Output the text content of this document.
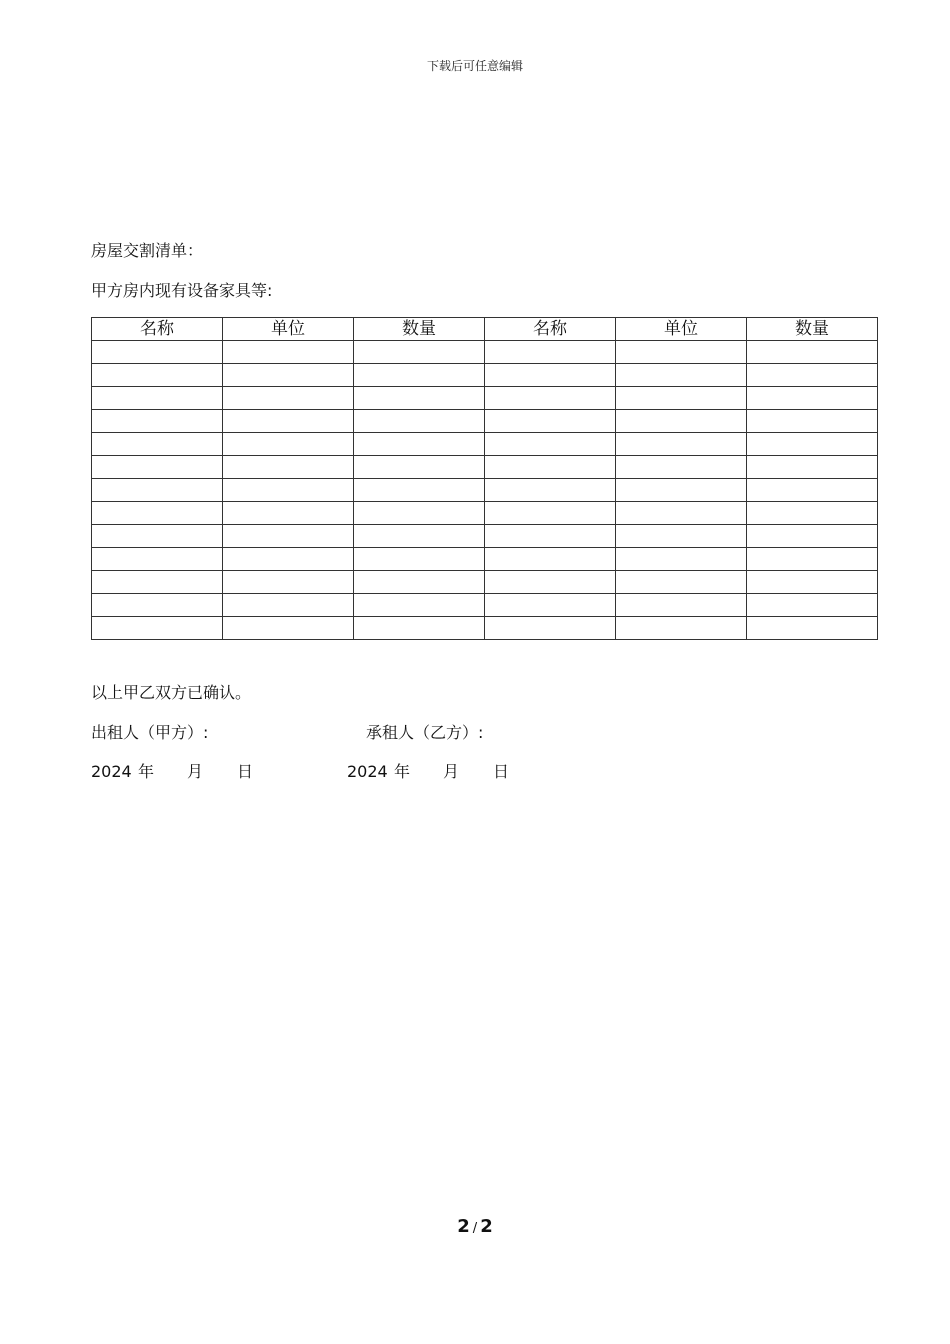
下载后可任意编辑
房屋交割清单：
甲方房内现有设备家具等:
名称	单位	数量	名称	单位	数量

以上甲乙双方已确认。
出租人（甲方）:	承租人（乙方）:
2024 年 月 日	2024 年 月 日
2 / 2
